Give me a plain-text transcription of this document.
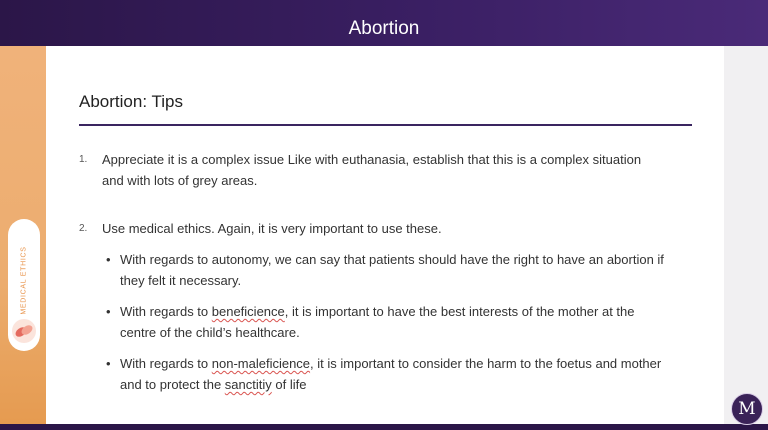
Abortion
MEDICAL ETHICS
Abortion: Tips
1. Appreciate it is a complex issue Like with euthanasia, establish that this is a complex situation
and with lots of grey areas.
2. Use medical ethics. Again, it is very important to use these.
• With regards to autonomy, we can say that patients should have the right to have an abortion if
they felt it necessary.
• With regards to beneficience, it is important to have the best interests of the mother at the
centre of the child’s healthcare.
• With regards to non-maleficience, it is important to consider the harm to the foetus and mother
and to protect the sanctitiy of life
M
